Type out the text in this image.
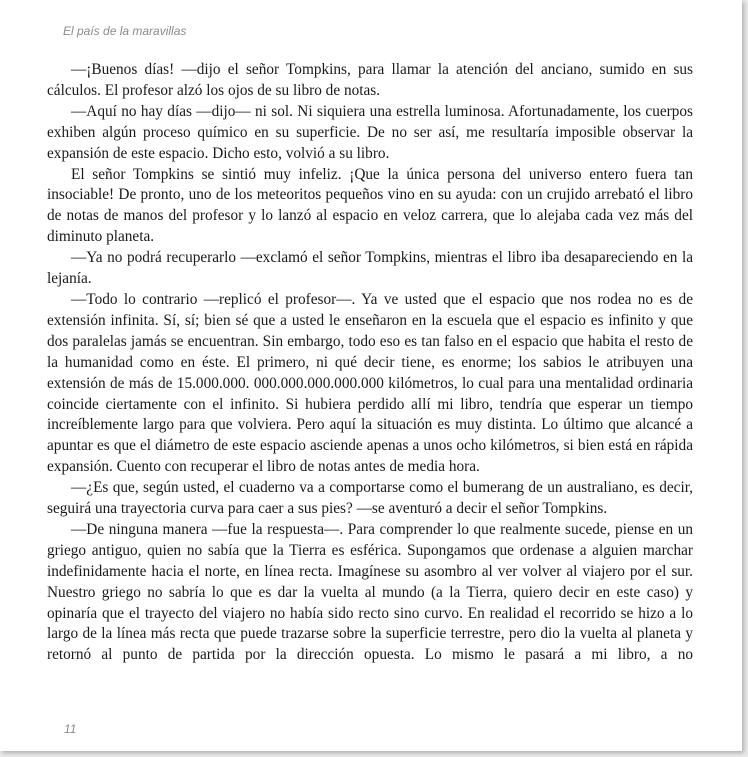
El país de la maravillas

—¡Buenos días! —dijo el señor Tompkins, para llamar la atención del anciano, sumido en sus cálculos. El profesor alzó los ojos de su libro de notas.

—Aquí no hay días —dijo— ni sol. Ni siquiera una estrella luminosa. Afortunadamente, los cuerpos exhiben algún proceso químico en su superficie. De no ser así, me resultaría imposible observar la expansión de este espacio. Dicho esto, volvió a su libro.

El señor Tompkins se sintió muy infeliz. ¡Que la única persona del universo entero fuera tan insociable! De pronto, uno de los meteoritos pequeños vino en su ayuda: con un crujido arrebató el libro de notas de manos del profesor y lo lanzó al espacio en veloz carrera, que lo alejaba cada vez más del diminuto planeta.

—Ya no podrá recuperarlo —exclamó el señor Tompkins, mientras el libro iba desapareciendo en la lejanía.

—Todo lo contrario —replicó el profesor—. Ya ve usted que el espacio que nos rodea no es de extensión infinita. Sí, sí; bien sé que a usted le enseñaron en la escuela que el espacio es infinito y que dos paralelas jamás se encuentran. Sin embargo, todo eso es tan falso en el espacio que habita el resto de la humanidad como en éste. El primero, ni qué decir tiene, es enorme; los sabios le atribuyen una extensión de más de 15.000.000. 000.000.000.000.000 kilómetros, lo cual para una mentalidad ordinaria coincide ciertamente con el infinito. Si hubiera perdido allí mi libro, tendría que esperar un tiempo increíblemente largo para que volviera. Pero aquí la situación es muy distinta. Lo último que alcancé a apuntar es que el diámetro de este espacio asciende apenas a unos ocho kilómetros, si bien está en rápida expansión. Cuento con recuperar el libro de notas antes de media hora.

—¿Es que, según usted, el cuaderno va a comportarse como el bumerang de un australiano, es decir, seguirá una trayectoria curva para caer a sus pies? —se aventuró a decir el señor Tompkins.

—De ninguna manera —fue la respuesta—. Para comprender lo que realmente sucede, piense en un griego antiguo, quien no sabía que la Tierra es esférica. Supongamos que ordenase a alguien marchar indefinidamente hacia el norte, en línea recta. Imagínese su asombro al ver volver al viajero por el sur. Nuestro griego no sabría lo que es dar la vuelta al mundo (a la Tierra, quiero decir en este caso) y opinaría que el trayecto del viajero no había sido recto sino curvo. En realidad el recorrido se hizo a lo largo de la línea más recta que puede trazarse sobre la superficie terrestre, pero dio la vuelta al planeta y retornó al punto de partida por la dirección opuesta. Lo mismo le pasará a mi libro, a no

11
